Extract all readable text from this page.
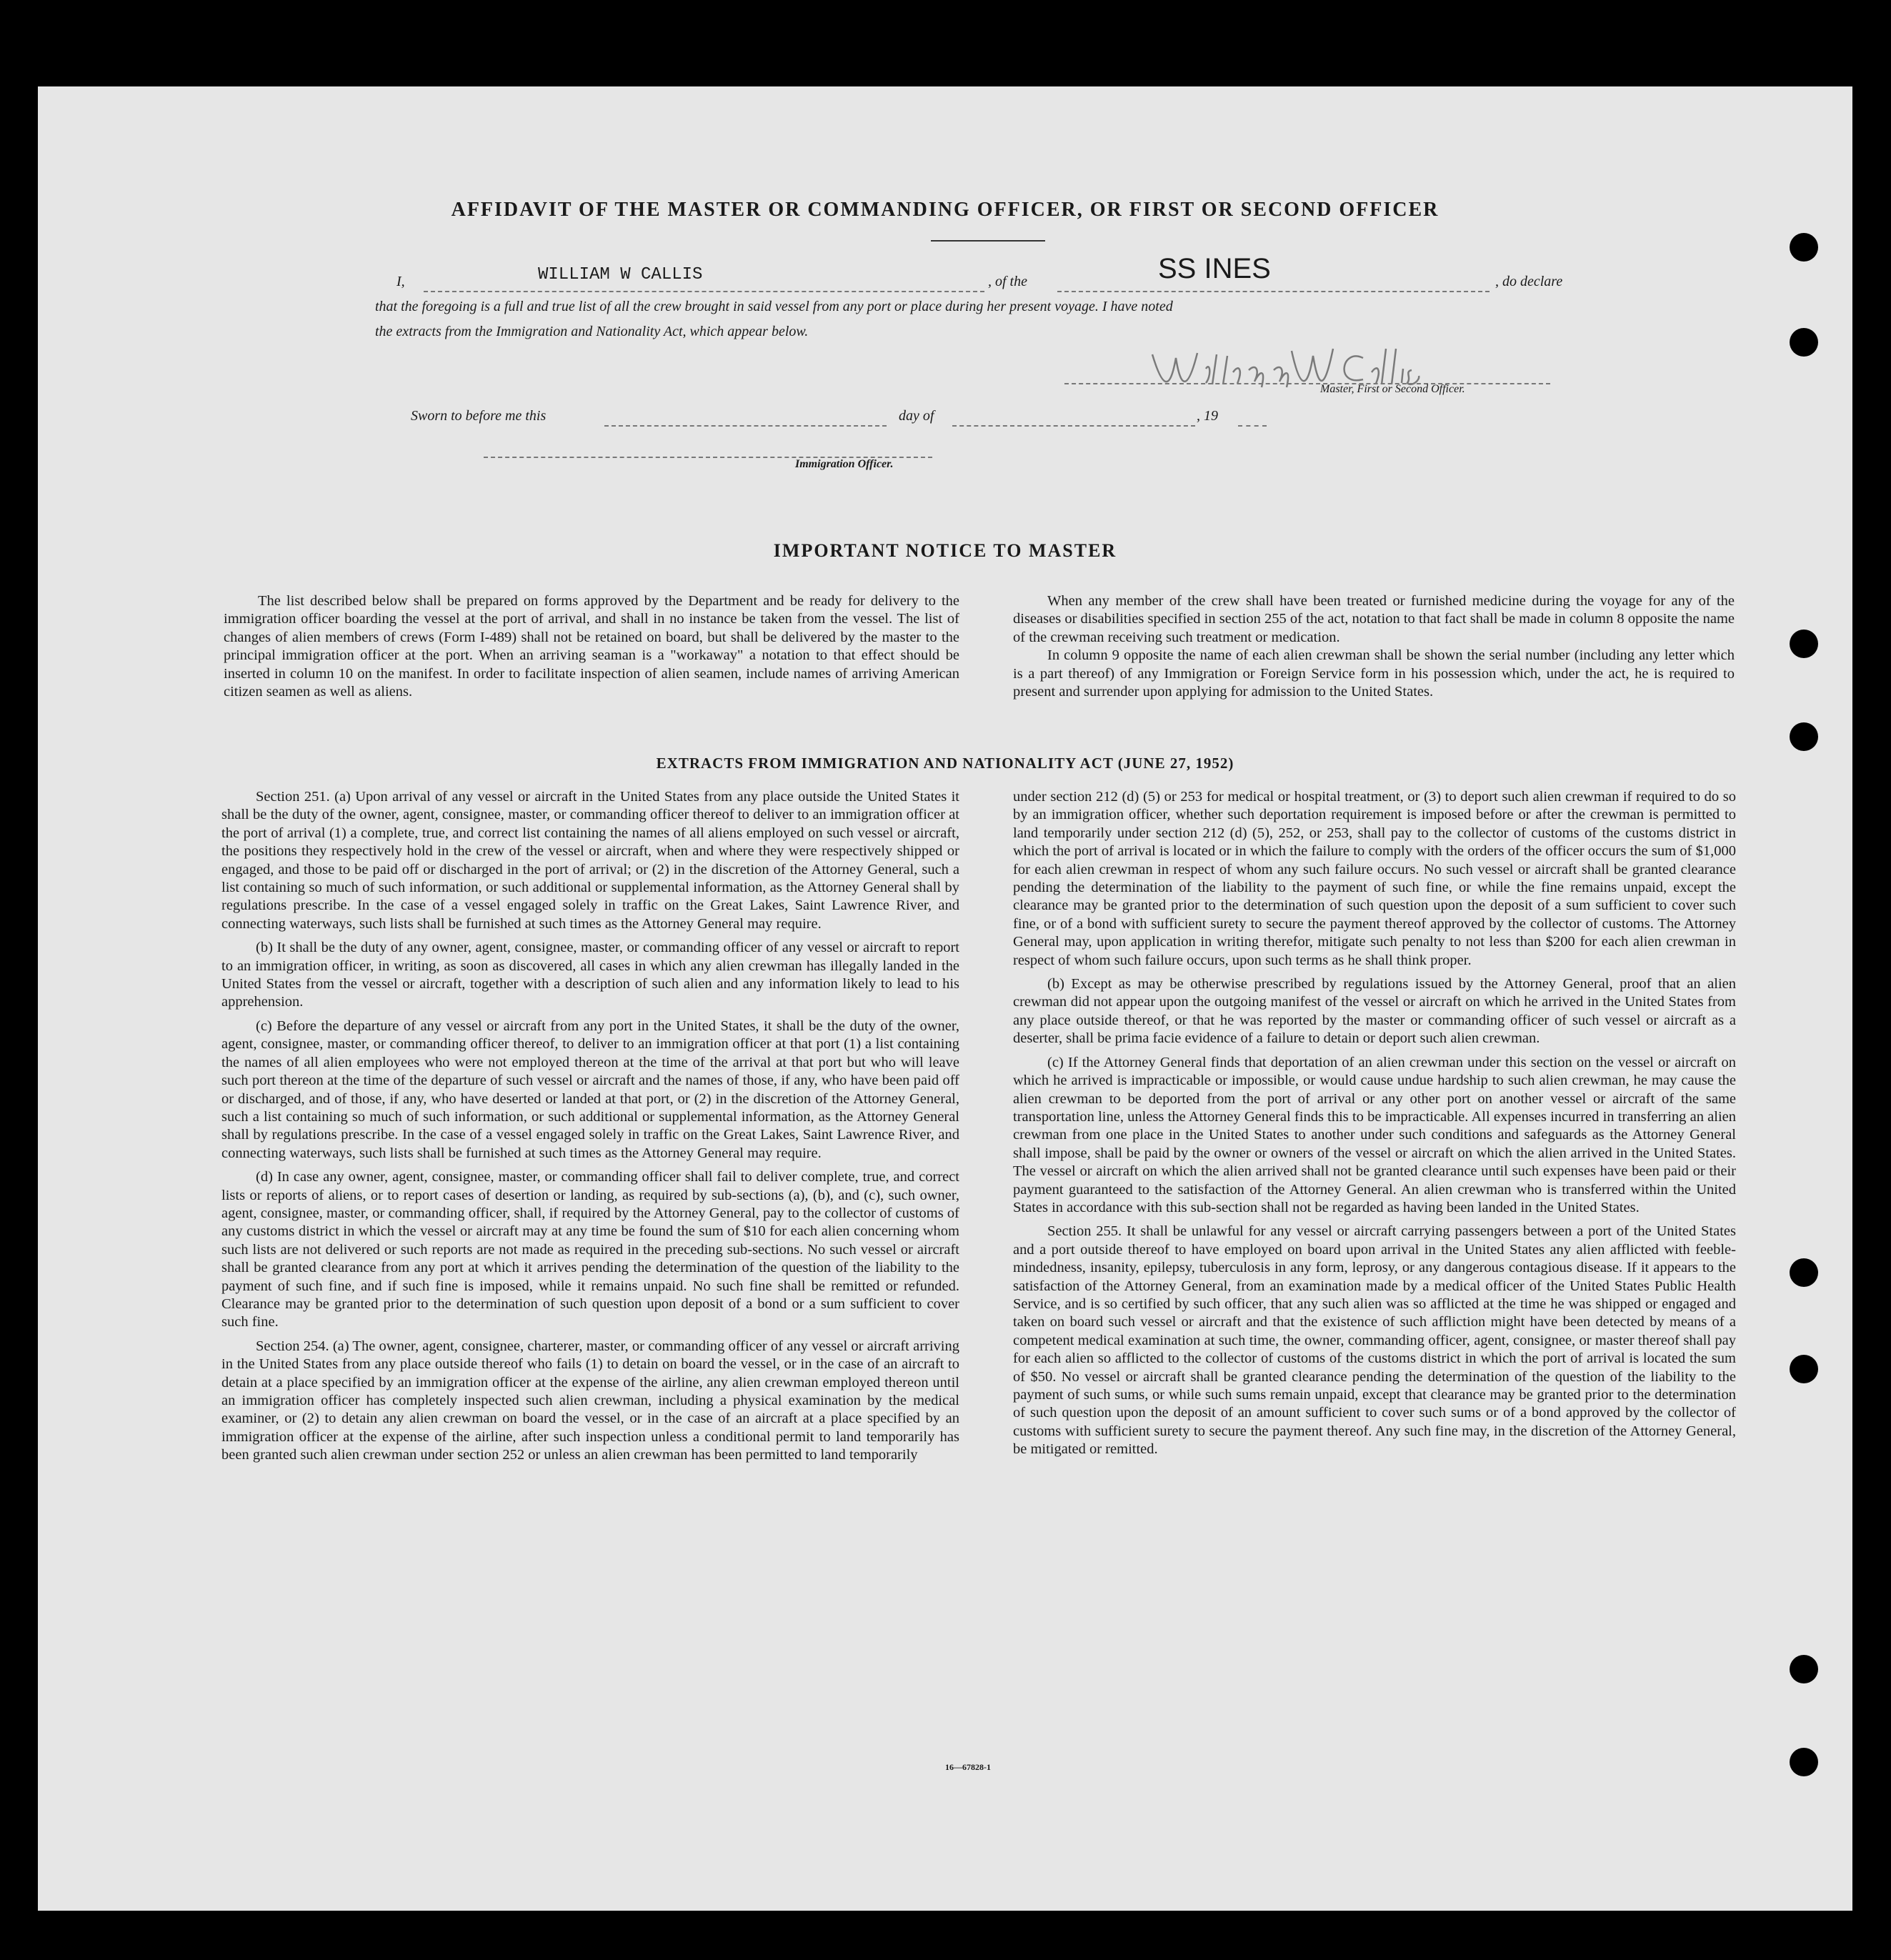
AFFIDAVIT OF THE MASTER OR COMMANDING OFFICER, OR FIRST OR SECOND OFFICER
I,	WILLIAM W CALLIS	, of the	SS INES	, do declare
that the foregoing is a full and true list of all the crew brought in said vessel from any port or place during her present voyage. I have noted
the extracts from the Immigration and Nationality Act, which appear below.
Master, First or Second Officer.
Sworn to before me this	day of	, 19
Immigration Officer.
IMPORTANT NOTICE TO MASTER

The list described below shall be prepared on forms approved by the Department and be ready for delivery to the immigration officer boarding the vessel at the port of arrival, and shall in no instance be taken from the vessel. The list of changes of alien members of crews (Form I-489) shall not be retained on board, but shall be delivered by the master to the principal immigration officer at the port. When an arriving seaman is a "workaway" a notation to that effect should be inserted in column 10 on the manifest. In order to facilitate inspection of alien seamen, include names of arriving American citizen seamen as well as aliens.

When any member of the crew shall have been treated or furnished medicine during the voyage for any of the diseases or disabilities specified in section 255 of the act, notation to that fact shall be made in column 8 opposite the name of the crewman receiving such treatment or medication.

In column 9 opposite the name of each alien crewman shall be shown the serial number (including any letter which is a part thereof) of any Immigration or Foreign Service form in his possession which, under the act, he is required to present and surrender upon applying for admission to the United States.

EXTRACTS FROM IMMIGRATION AND NATIONALITY ACT (JUNE 27, 1952)

Section 251. (a) Upon arrival of any vessel or aircraft in the United States from any place outside the United States it shall be the duty of the owner, agent, consignee, master, or commanding officer thereof to deliver to an immigration officer at the port of arrival (1) a complete, true, and correct list containing the names of all aliens employed on such vessel or aircraft, the positions they respectively hold in the crew of the vessel or aircraft, when and where they were respectively shipped or engaged, and those to be paid off or discharged in the port of arrival; or (2) in the discretion of the Attorney General, such a list containing so much of such information, or such additional or supplemental information, as the Attorney General shall by regulations prescribe. In the case of a vessel engaged solely in traffic on the Great Lakes, Saint Lawrence River, and connecting waterways, such lists shall be furnished at such times as the Attorney General may require.

(b) It shall be the duty of any owner, agent, consignee, master, or commanding officer of any vessel or aircraft to report to an immigration officer, in writing, as soon as discovered, all cases in which any alien crewman has illegally landed in the United States from the vessel or aircraft, together with a description of such alien and any information likely to lead to his apprehension.

(c) Before the departure of any vessel or aircraft from any port in the United States, it shall be the duty of the owner, agent, consignee, master, or commanding officer thereof, to deliver to an immigration officer at that port (1) a list containing the names of all alien employees who were not employed thereon at the time of the arrival at that port but who will leave such port thereon at the time of the departure of such vessel or aircraft and the names of those, if any, who have been paid off or discharged, and of those, if any, who have deserted or landed at that port, or (2) in the discretion of the Attorney General, such a list containing so much of such information, or such additional or supplemental information, as the Attorney General shall by regulations prescribe. In the case of a vessel engaged solely in traffic on the Great Lakes, Saint Lawrence River, and connecting waterways, such lists shall be furnished at such times as the Attorney General may require.

(d) In case any owner, agent, consignee, master, or commanding officer shall fail to deliver complete, true, and correct lists or reports of aliens, or to report cases of desertion or landing, as required by sub-sections (a), (b), and (c), such owner, agent, consignee, master, or commanding officer, shall, if required by the Attorney General, pay to the collector of customs of any customs district in which the vessel or aircraft may at any time be found the sum of $10 for each alien concerning whom such lists are not delivered or such reports are not made as required in the preceding sub-sections. No such vessel or aircraft shall be granted clearance from any port at which it arrives pending the determination of the question of the liability to the payment of such fine, and if such fine is imposed, while it remains unpaid. No such fine shall be remitted or refunded. Clearance may be granted prior to the determination of such question upon deposit of a bond or a sum sufficient to cover such fine.

Section 254. (a) The owner, agent, consignee, charterer, master, or commanding officer of any vessel or aircraft arriving in the United States from any place outside thereof who fails (1) to detain on board the vessel, or in the case of an aircraft to detain at a place specified by an immigration officer at the expense of the airline, any alien crewman employed thereon until an immigration officer has completely inspected such alien crewman, including a physical examination by the medical examiner, or (2) to detain any alien crewman on board the vessel, or in the case of an aircraft at a place specified by an immigration officer at the expense of the airline, after such inspection unless a conditional permit to land temporarily has been granted such alien crewman under section 252 or unless an alien crewman has been permitted to land temporarily

under section 212 (d) (5) or 253 for medical or hospital treatment, or (3) to deport such alien crewman if required to do so by an immigration officer, whether such deportation requirement is imposed before or after the crewman is permitted to land temporarily under section 212 (d) (5), 252, or 253, shall pay to the collector of customs of the customs district in which the port of arrival is located or in which the failure to comply with the orders of the officer occurs the sum of $1,000 for each alien crewman in respect of whom any such failure occurs. No such vessel or aircraft shall be granted clearance pending the determination of the liability to the payment of such fine, or while the fine remains unpaid, except the clearance may be granted prior to the determination of such question upon the deposit of a sum sufficient to cover such fine, or of a bond with sufficient surety to secure the payment thereof approved by the collector of customs. The Attorney General may, upon application in writing therefor, mitigate such penalty to not less than $200 for each alien crewman in respect of whom such failure occurs, upon such terms as he shall think proper.

(b) Except as may be otherwise prescribed by regulations issued by the Attorney General, proof that an alien crewman did not appear upon the outgoing manifest of the vessel or aircraft on which he arrived in the United States from any place outside thereof, or that he was reported by the master or commanding officer of such vessel or aircraft as a deserter, shall be prima facie evidence of a failure to detain or deport such alien crewman.

(c) If the Attorney General finds that deportation of an alien crewman under this section on the vessel or aircraft on which he arrived is impracticable or impossible, or would cause undue hardship to such alien crewman, he may cause the alien crewman to be deported from the port of arrival or any other port on another vessel or aircraft of the same transportation line, unless the Attorney General finds this to be impracticable. All expenses incurred in transferring an alien crewman from one place in the United States to another under such conditions and safeguards as the Attorney General shall impose, shall be paid by the owner or owners of the vessel or aircraft on which the alien arrived in the United States. The vessel or aircraft on which the alien arrived shall not be granted clearance until such expenses have been paid or their payment guaranteed to the satisfaction of the Attorney General. An alien crewman who is transferred within the United States in accordance with this sub-section shall not be regarded as having been landed in the United States.

Section 255. It shall be unlawful for any vessel or aircraft carrying passengers between a port of the United States and a port outside thereof to have employed on board upon arrival in the United States any alien afflicted with feeble-mindedness, insanity, epilepsy, tuberculosis in any form, leprosy, or any dangerous contagious disease. If it appears to the satisfaction of the Attorney General, from an examination made by a medical officer of the United States Public Health Service, and is so certified by such officer, that any such alien was so afflicted at the time he was shipped or engaged and taken on board such vessel or aircraft and that the existence of such affliction might have been detected by means of a competent medical examination at such time, the owner, commanding officer, agent, consignee, or master thereof shall pay for each alien so afflicted to the collector of customs of the customs district in which the port of arrival is located the sum of $50. No vessel or aircraft shall be granted clearance pending the determination of the question of the liability to the payment of such sums, or while such sums remain unpaid, except that clearance may be granted prior to the determination of such question upon the deposit of an amount sufficient to cover such sums or of a bond approved by the collector of customs with sufficient surety to secure the payment thereof. Any such fine may, in the discretion of the Attorney General, be mitigated or remitted.

16—67828-1
